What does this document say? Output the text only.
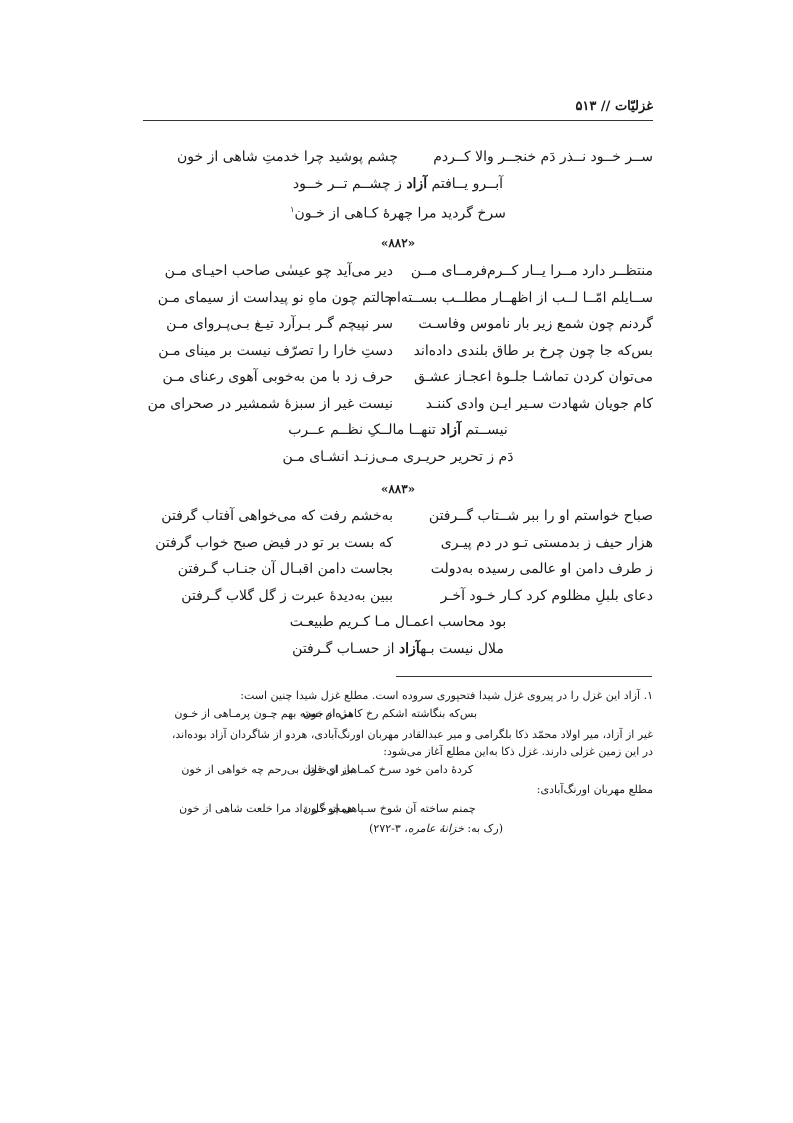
غزلیّات // ۵۱۳
ســر خــود نــذر دَم خنجــر والا کــردم
چشم پوشید چرا خدمتِ شاهی از خون
آبــرو یــافتم آزاد ز چشــم تــر خــود
سرخ گردید مرا چهرۀ کـاهی از خـون$^۱$
«۸۸۲»
منتظــر دارد مــرا یــار کــرم‌فرمــای مــن
دیر می‌آید چو عیسٰی صاحب احیـای مـن
ســایلم امّــا لــب از اظهــار مطلــب بســته‌ام
حالتم چون ماهِ نو پیداست از سیمای مـن
گردنم چون شمع زیر بار ناموس وفاسـت
سر نپیچم گـر بـرآرد تیـغ بـی‌پـروای مـن
بس‌که جا چون چرخ بر طاق بلندی داده‌اند
دستِ خارا را تصرّف نیست بر مینای مـن
می‌توان کردن تماشـا جلـوۀ اعجـاز عشـق
حرف زد با من به‌خوبی آهوی رعنای مـن
کام جویان شهادت سـیر ایـن وادی کننـد
نیست غیر از سبزۀ شمشیر در صحرای من
نیســتم آزاد تنهــا مالــکِ نظــم عــرب
دَم ز تحریر حریـری مـی‌زنـد انشـای مـن
«۸۸۳»
صباح خواستم او را ببر شــتاب گــرفتن
به‌خشم رفت که می‌خواهی آفتاب گرفتن
هزار حیف ز بدمستی تـو در دم پیـری
که بست بر تو در فیض صبح خواب گرفتن
ز طرف دامن او عالمی رسیده به‌دولت
بجاست دامن اقبـال آن جنـاب گـرفتن
دعای بلبلِ مظلوم کرد کـار خـود آخـر
ببین به‌دیدۀ عبرت ز گل گلاب گـرفتن
بود محاسب اعمـال مـا کـریم طبیعـت
ملال نیست بـهآزاد از حسـاب گـرفتن
۱. آزاد این غزل را در پیروی غزل شیدا فتحپوری سروده است. مطلع غزل شیدا چنین است:
بس‌که بنگاشته اشکم رخ کاهی از خون
مژه‌ام بسته بهم چـون پرمـاهی از خـون
غیر از آزاد، میر اولاد محمّد ذکا بلگرامی و میر عبدالقادر مهربان اورنگ‌آبادی، هردو از شاگردان آزاد بوده‌اند،
در این زمین غزلی دارند. غزل ذکا به‌این مطلع آغاز می‌شود:
کردۀ دامن خود سرخ کمـاهی از خـون
باز ای قاتل بی‌رحم چه خواهی از خون
مطلع مهربان اورنگ‌آبادی:
چمنم ساخته آن شوخ سـپاهی از خـون
همچو گل داد مرا خلعت شاهی از خون
(رک به: خزانۀ عامره، ۳-۲۷۲)
